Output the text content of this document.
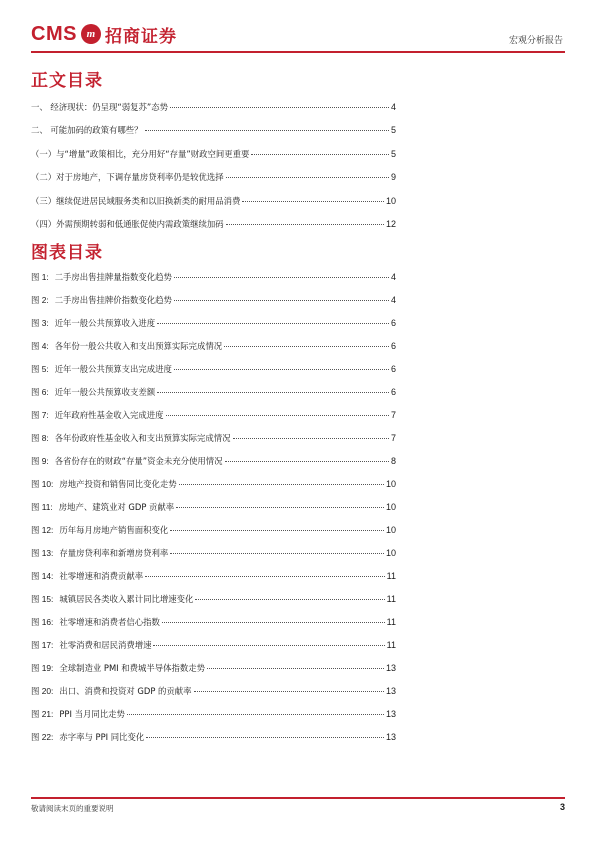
CMS m 招商证券	宏观分析报告
正文目录
一、 经济现状：仍呈现“弱复苏”态势	4
二、 可能加码的政策有哪些？	5
（一）与“增量”政策相比，充分用好“存量”财政空间更重要	5
（二）对于房地产，下调存量房贷利率仍是较优选择	9
（三）继续促进居民域服务类和以旧换新类的耐用品消费	10
（四）外需预期转弱和低通胀促使内需政策继续加码	12
图表目录
图 1: 二手房出售挂牌量指数变化趋势	4
图 2: 二手房出售挂牌价指数变化趋势	4
图 3: 近年一般公共预算收入进度	6
图 4: 各年份一般公共收入和支出预算实际完成情况	6
图 5: 近年一般公共预算支出完成进度	6
图 6: 近年一般公共预算收支差额	6
图 7: 近年政府性基金收入完成进度	7
图 8: 各年份政府性基金收入和支出预算实际完成情况	7
图 9: 各省份存在的财政“存量”资金未充分使用情况	8
图 10: 房地产投资和销售同比变化走势	10
图 11: 房地产、建筑业对 GDP 贡献率	10
图 12: 历年每月房地产销售面积变化	10
图 13: 存量房贷利率和新增房贷利率	10
图 14: 社零增速和消费贡献率	11
图 15: 城镇居民各类收入累计同比增速变化	11
图 16: 社零增速和消费者信心指数	11
图 17: 社零消费和居民消费增速	11
图 19: 全球制造业 PMI 和费城半导体指数走势	13
图 20: 出口、消费和投资对 GDP 的贡献率	13
图 21: PPI 当月同比走势	13
图 22: 赤字率与 PPI 同比变化	13
敬请阅读末页的重要说明	3
